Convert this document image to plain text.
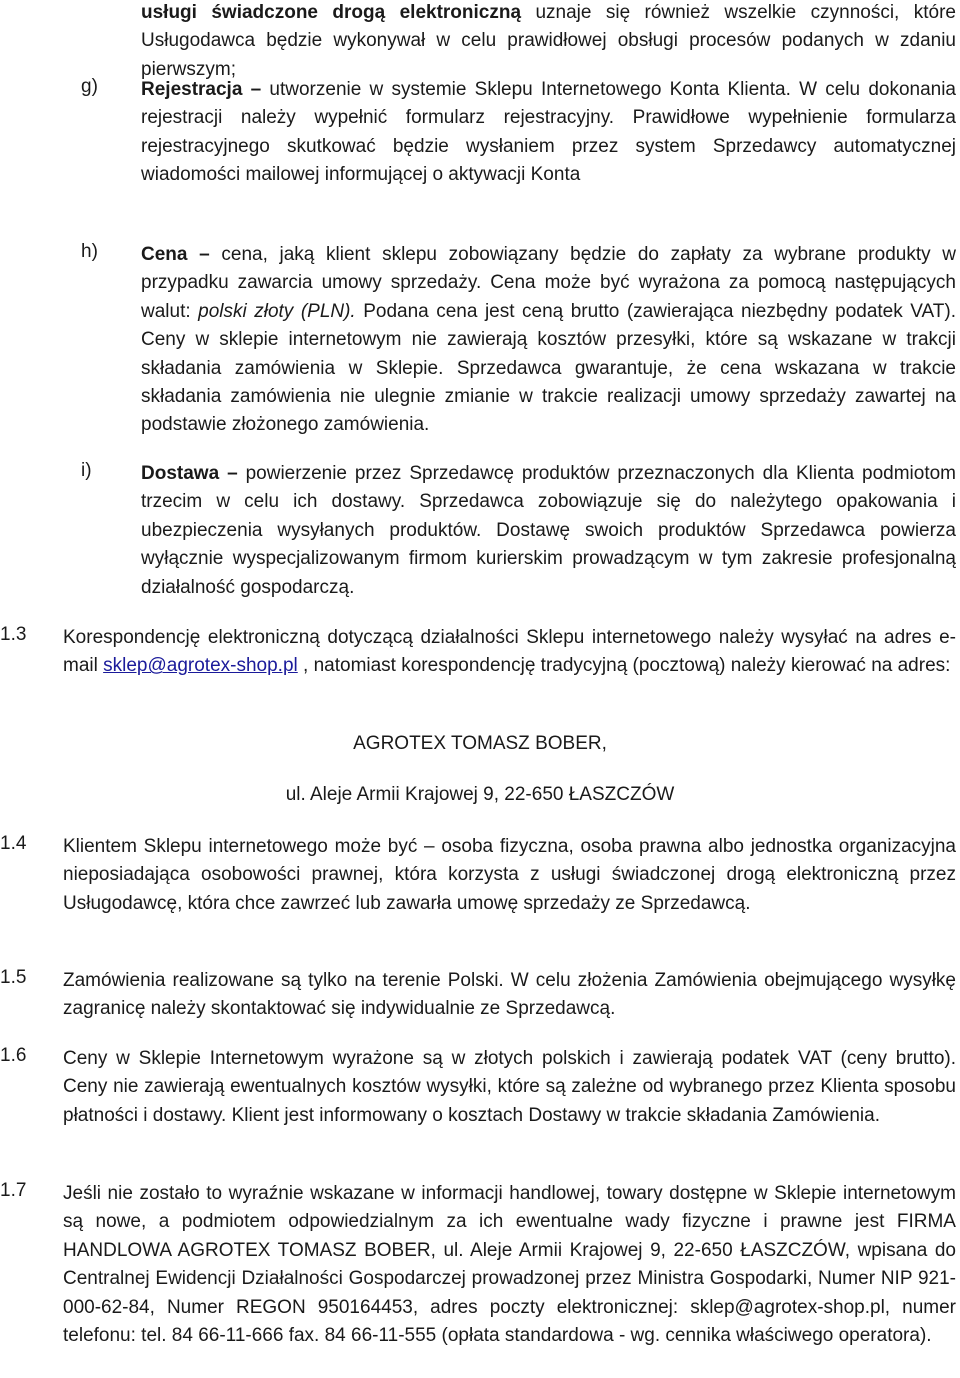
usługi świadczone drogą elektroniczną uznaje się również wszelkie czynności, które Usługodawca będzie wykonywał w celu prawidłowej obsługi procesów podanych w zdaniu pierwszym;

g)	Rejestracja – utworzenie w systemie Sklepu Internetowego Konta Klienta. W celu dokonania rejestracji należy wypełnić formularz rejestracyjny. Prawidłowe wypełnienie formularza rejestracyjnego skutkować będzie wysłaniem przez system Sprzedawcy automatycznej wiadomości mailowej informującej o aktywacji Konta

h)	Cena – cena, jaką klient sklepu zobowiązany będzie do zapłaty za wybrane produkty w przypadku zawarcia umowy sprzedaży. Cena może być wyrażona za pomocą następujących walut: polski złoty (PLN). Podana cena jest ceną brutto (zawierająca niezbędny podatek VAT). Ceny w sklepie internetowym nie zawierają kosztów przesyłki, które są wskazane w trakcji składania zamówienia w Sklepie. Sprzedawca gwarantuje, że cena wskazana w trakcie składania zamówienia nie ulegnie zmianie w trakcie realizacji umowy sprzedaży zawartej na podstawie złożonego zamówienia.

i)	Dostawa – powierzenie przez Sprzedawcę produktów przeznaczonych dla Klienta podmiotom trzecim w celu ich dostawy. Sprzedawca zobowiązuje się do należytego opakowania i ubezpieczenia wysyłanych produktów. Dostawę swoich produktów Sprzedawca powierza wyłącznie wyspecjalizowanym firmom kurierskim prowadzącym w tym zakresie profesjonalną działalność gospodarczą.

1.3	Korespondencję elektroniczną dotyczącą działalności Sklepu internetowego należy wysyłać na adres e-mail sklep@agrotex-shop.pl , natomiast korespondencję tradycyjną (pocztową) należy kierować na adres:

AGROTEX TOMASZ BOBER,

ul. Aleje Armii Krajowej 9, 22-650 ŁASZCZÓW

1.4	Klientem Sklepu internetowego może być – osoba fizyczna, osoba prawna albo jednostka organizacyjna nieposiadająca osobowości prawnej, która korzysta z usługi świadczonej drogą elektroniczną przez Usługodawcę, która chce zawrzeć lub zawarła umowę sprzedaży ze Sprzedawcą.

1.5	Zamówienia realizowane są tylko na terenie Polski. W celu złożenia Zamówienia obejmującego wysyłkę zagranicę należy skontaktować się indywidualnie ze Sprzedawcą.

1.6	Ceny w Sklepie Internetowym wyrażone są w złotych polskich i zawierają podatek VAT (ceny brutto). Ceny nie zawierają ewentualnych kosztów wysyłki, które są zależne od wybranego przez Klienta sposobu płatności i dostawy. Klient jest informowany o kosztach Dostawy w trakcie składania Zamówienia.

1.7	Jeśli nie zostało to wyraźnie wskazane w informacji handlowej, towary dostępne w Sklepie internetowym są nowe, a podmiotem odpowiedzialnym za ich ewentualne wady fizyczne i prawne jest FIRMA HANDLOWA AGROTEX TOMASZ BOBER, ul. Aleje Armii Krajowej 9, 22-650 ŁASZCZÓW, wpisana do Centralnej Ewidencji Działalności Gospodarczej prowadzonej przez Ministra Gospodarki, Numer NIP 921-000-62-84, Numer REGON 950164453, adres poczty elektronicznej: sklep@agrotex-shop.pl, numer telefonu: tel. 84 66-11-666 fax. 84 66-11-555 (opłata standardowa - wg. cennika właściwego operatora).
